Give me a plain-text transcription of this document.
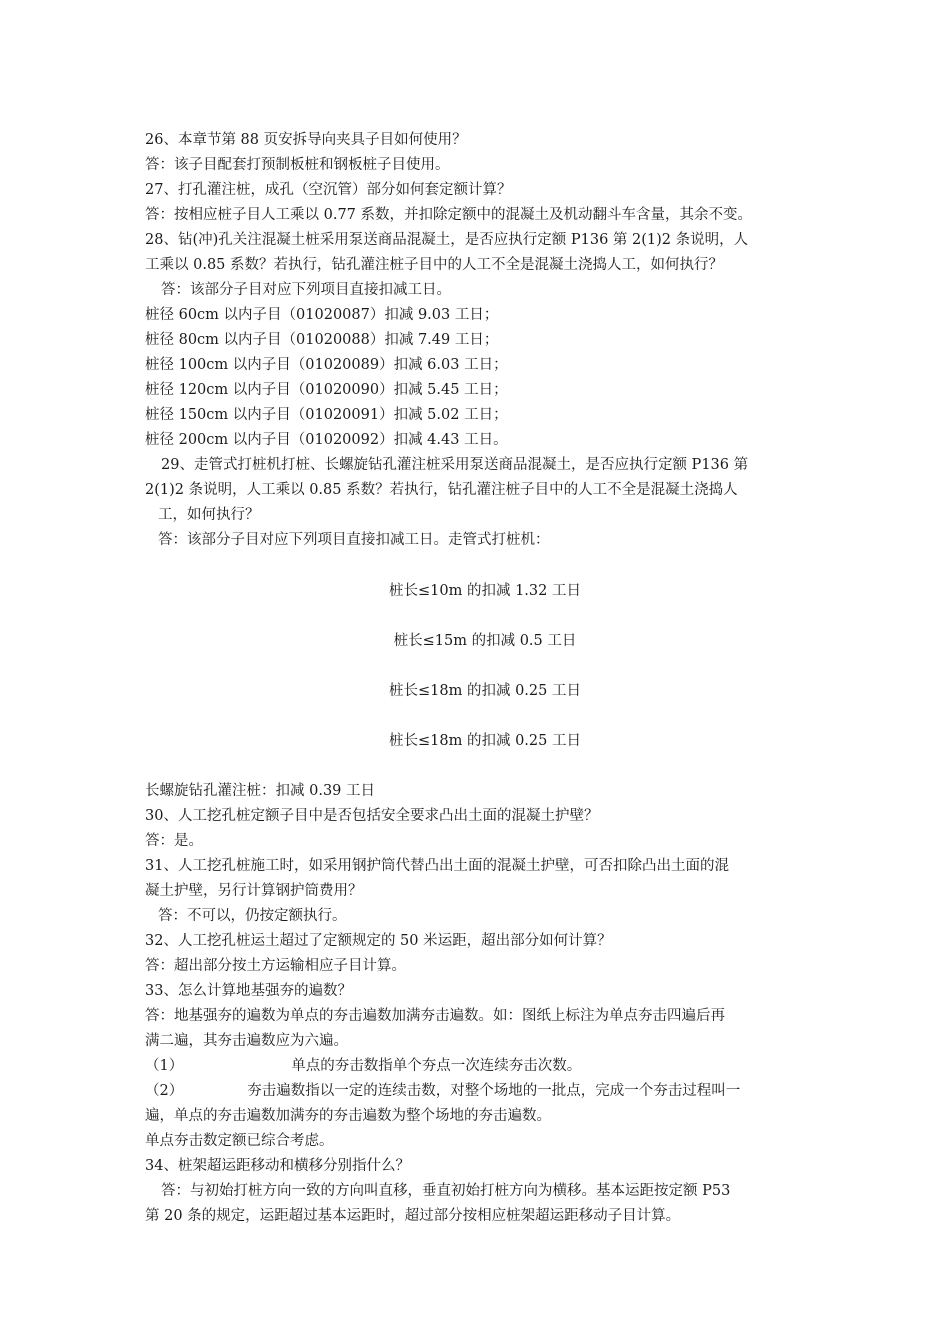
26、本章节第 88 页安拆导向夹具子目如何使用？
答：该子目配套打预制板桩和钢板桩子目使用。
27、打孔灌注桩，成孔（空沉管）部分如何套定额计算？
答：按相应桩子目人工乘以 0.77 系数，并扣除定额中的混凝土及机动翻斗车含量，其余不变。
28、钻(冲)孔关注混凝土桩采用泵送商品混凝土，是否应执行定额 P136 第 2(1)2 条说明，人
工乘以 0.85 系数？若执行，钻孔灌注桩子目中的人工不全是混凝土浇捣人工，如何执行？
答：该部分子目对应下列项目直接扣减工日。
桩径 60cm 以内子目（01020087）扣减 9.03 工日；
桩径 80cm 以内子目（01020088）扣减 7.49 工日；
桩径 100cm 以内子目（01020089）扣减 6.03 工日；
桩径 120cm 以内子目（01020090）扣减 5.45 工日；
桩径 150cm 以内子目（01020091）扣减 5.02 工日；
桩径 200cm 以内子目（01020092）扣减 4.43 工日。
29、走管式打桩机打桩、长螺旋钻孔灌注桩采用泵送商品混凝土，是否应执行定额 P136 第
2(1)2 条说明，人工乘以 0.85 系数？若执行，钻孔灌注桩子目中的人工不全是混凝土浇捣人
工，如何执行？
答：该部分子目对应下列项目直接扣减工日。走管式打桩机：
桩长≤10m 的扣减 1.32 工日
桩长≤15m 的扣减 0.5 工日
桩长≤18m 的扣减 0.25 工日
桩长≤18m 的扣减 0.25 工日
长螺旋钻孔灌注桩：扣减 0.39 工日
30、人工挖孔桩定额子目中是否包括安全要求凸出土面的混凝土护壁？
答：是。
31、人工挖孔桩施工时，如采用钢护筒代替凸出土面的混凝土护壁，可否扣除凸出土面的混
凝土护壁，另行计算钢护筒费用？
答：不可以，仍按定额执行。
32、人工挖孔桩运土超过了定额规定的 50 米运距，超出部分如何计算？
答：超出部分按土方运输相应子目计算。
33、怎么计算地基强夯的遍数？
答：地基强夯的遍数为单点的夯击遍数加满夯击遍数。如：图纸上标注为单点夯击四遍后再
满二遍，其夯击遍数应为六遍。
（1）	单点的夯击数指单个夯点一次连续夯击次数。
（2）	夯击遍数指以一定的连续击数，对整个场地的一批点，完成一个夯击过程叫一
遍，单点的夯击遍数加满夯的夯击遍数为整个场地的夯击遍数。
单点夯击数定额已综合考虑。
34、桩架超运距移动和横移分别指什么？
答：与初始打桩方向一致的方向叫直移，垂直初始打桩方向为横移。基本运距按定额 P53
第 20 条的规定，运距超过基本运距时，超过部分按相应桩架超运距移动子目计算。
